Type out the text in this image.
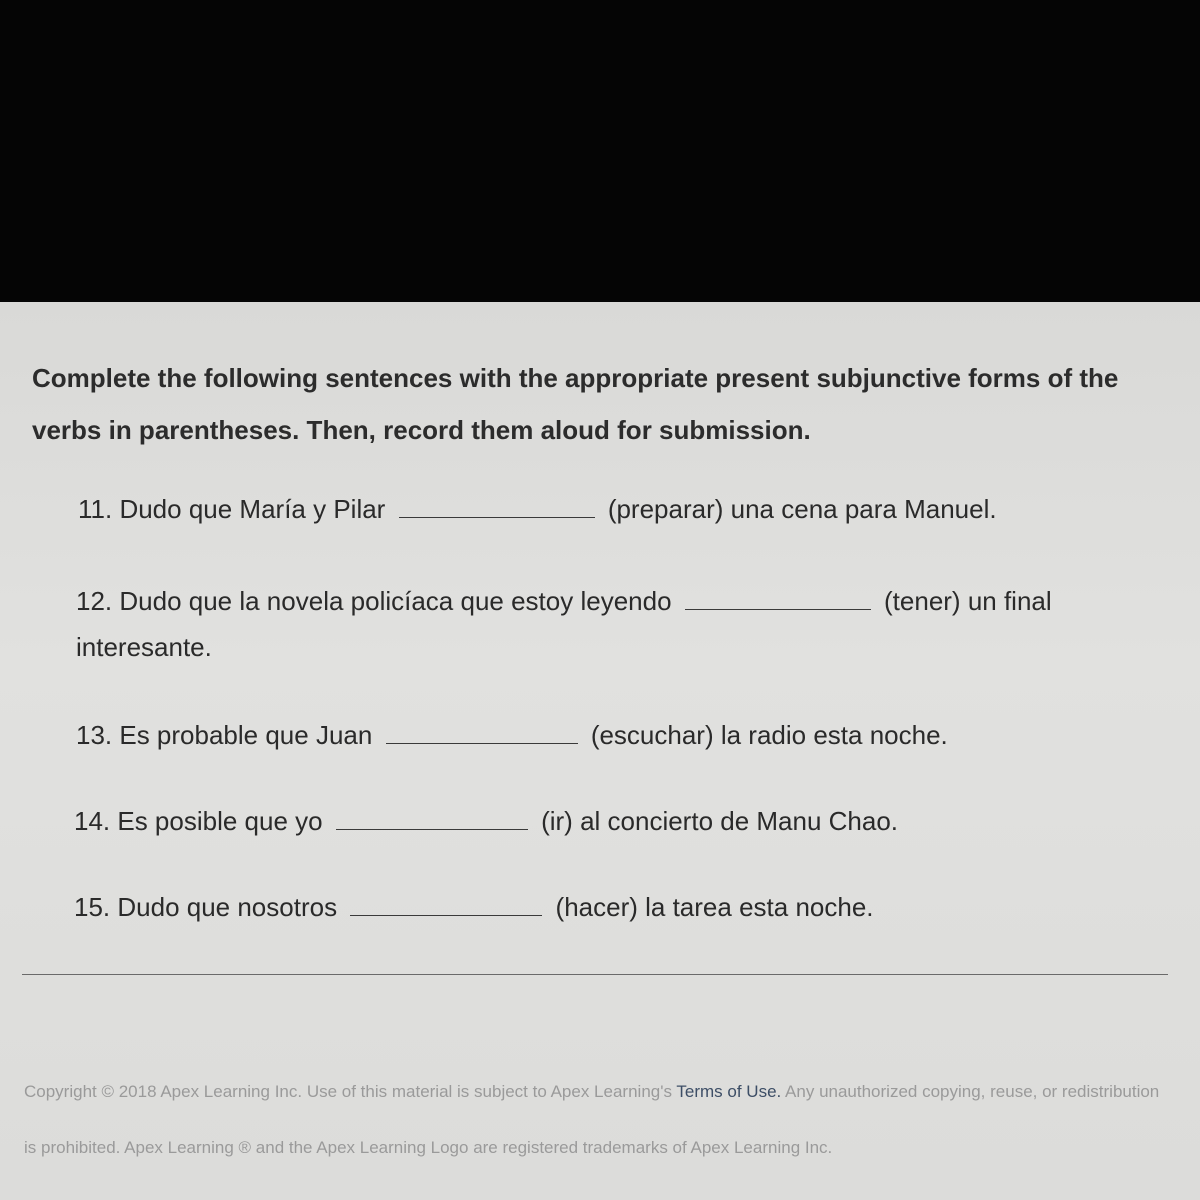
Complete the following sentences with the appropriate present subjunctive forms of the verbs in parentheses. Then, record them aloud for submission.
11. Dudo que María y Pilar	(preparar) una cena para Manuel.
12. Dudo que la novela policíaca que estoy leyendo	(tener) un final
interesante.
13. Es probable que Juan	(escuchar) la radio esta noche.
14. Es posible que yo	(ir) al concierto de Manu Chao.
15. Dudo que nosotros	(hacer) la tarea esta noche.
Copyright © 2018 Apex Learning Inc. Use of this material is subject to Apex Learning's Terms of Use. Any unauthorized copying, reuse, or redistribution is prohibited. Apex Learning ® and the Apex Learning Logo are registered trademarks of Apex Learning Inc.
